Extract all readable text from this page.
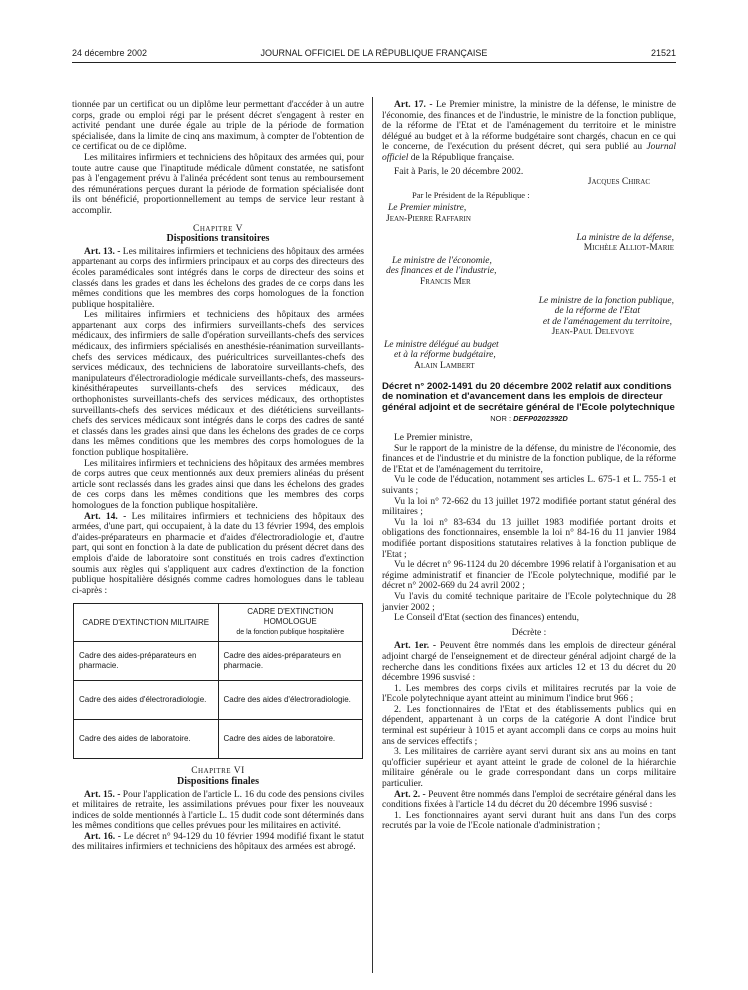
24 décembre 2002	JOURNAL OFFICIEL DE LA RÉPUBLIQUE FRANÇAISE	21521

tionnée par un certificat ou un diplôme leur permettant d'accéder à un autre corps, grade ou emploi régi par le présent décret s'engagent à rester en activité pendant une durée égale au triple de la période de formation spécialisée, dans la limite de cinq ans maximum, à compter de l'obtention de ce certificat ou de ce diplôme.

Les militaires infirmiers et techniciens des hôpitaux des armées qui, pour toute autre cause que l'inaptitude médicale dûment constatée, ne satisfont pas à l'engagement prévu à l'alinéa précédent sont tenus au remboursement des rémunérations perçues durant la période de formation spécialisée dont ils ont bénéficié, proportionnellement au temps de service leur restant à accomplir.

Chapitre V

Dispositions transitoires

Art. 13. - Les militaires infirmiers et techniciens des hôpitaux des armées appartenant au corps des infirmiers principaux et au corps des directeurs des écoles paramédicales sont intégrés dans le corps de directeur des soins et classés dans les grades et dans les échelons des grades de ce corps dans les mêmes conditions que les membres des corps homologues de la fonction publique hospitalière.

Les militaires infirmiers et techniciens des hôpitaux des armées appartenant aux corps des infirmiers surveillants-chefs des services médicaux, des infirmiers de salle d'opération surveillants-chefs des services médicaux, des infirmiers spécialisés en anesthésie-réanimation surveillants-chefs des services médicaux, des puéricultrices surveillantes-chefs des services médicaux, des techniciens de laboratoire surveillants-chefs, des manipulateurs d'électroradiologie médicale surveillants-chefs, des masseurs-kinésithérapeutes surveillants-chefs des services médicaux, des orthophonistes surveillants-chefs des services médicaux, des orthoptistes surveillants-chefs des services médicaux et des diététiciens surveillants-chefs des services médicaux sont intégrés dans le corps des cadres de santé et classés dans les grades ainsi que dans les échelons des grades de ce corps dans les mêmes conditions que les membres des corps homologues de la fonction publique hospitalière.

Les militaires infirmiers et techniciens des hôpitaux des armées membres de corps autres que ceux mentionnés aux deux premiers alinéas du présent article sont reclassés dans les grades ainsi que dans les échelons des grades de ces corps dans les mêmes conditions que les membres des corps homologues de la fonction publique hospitalière.

Art. 14. - Les militaires infirmiers et techniciens des hôpitaux des armées, d'une part, qui occupaient, à la date du 13 février 1994, des emplois d'aides-préparateurs en pharmacie et d'aides d'électroradiologie et, d'autre part, qui sont en fonction à la date de publication du présent décret dans des emplois d'aide de laboratoire sont constitués en trois cadres d'extinction soumis aux règles qui s'appliquent aux cadres d'extinction de la fonction publique hospitalière désignés comme cadres homologues dans le tableau ci-après :

CADRE D'EXTINCTION MILITAIRE	CADRE D'EXTINCTION HOMOLOGUE
de la fonction publique hospitalière
Cadre des aides-préparateurs en pharmacie.	Cadre des aides-préparateurs en pharmacie.
Cadre des aides d'électroradiologie.	Cadre des aides d'électroradiologie.
Cadre des aides de laboratoire.	Cadre des aides de laboratoire.

Chapitre VI

Dispositions finales

Art. 15. - Pour l'application de l'article L. 16 du code des pensions civiles et militaires de retraite, les assimilations prévues pour fixer les nouveaux indices de solde mentionnés à l'article L. 15 dudit code sont déterminés dans les mêmes conditions que celles prévues pour les militaires en activité.

Art. 16. - Le décret n° 94-129 du 10 février 1994 modifié fixant le statut des militaires infirmiers et techniciens des hôpitaux des armées est abrogé.

Art. 17. - Le Premier ministre, la ministre de la défense, le ministre de l'économie, des finances et de l'industrie, le ministre de la fonction publique, de la réforme de l'Etat et de l'aménagement du territoire et le ministre délégué au budget et à la réforme budgétaire sont chargés, chacun en ce qui le concerne, de l'exécution du présent décret, qui sera publié au Journal officiel de la République française.

Fait à Paris, le 20 décembre 2002.

Jacques Chirac

Par le Président de la République :

Le Premier ministre,

Jean-Pierre Raffarin

La ministre de la défense,

Michèle Alliot-Marie

Le ministre de l'économie,

des finances et de l'industrie,

Francis Mer

Le ministre de la fonction publique,

de la réforme de l'Etat

et de l'aménagement du territoire,

Jean-Paul Delevoye

Le ministre délégué au budget

et à la réforme budgétaire,

Alain Lambert

Décret n° 2002-1491 du 20 décembre 2002 relatif aux conditions de nomination et d'avancement dans les emplois de directeur général adjoint et de secrétaire général de l'Ecole polytechnique

NOR : DEFP0202392D

Le Premier ministre,

Sur le rapport de la ministre de la défense, du ministre de l'économie, des finances et de l'industrie et du ministre de la fonction publique, de la réforme de l'Etat et de l'aménagement du territoire,

Vu le code de l'éducation, notamment ses articles L. 675-1 et L. 755-1 et suivants ;

Vu la loi n° 72-662 du 13 juillet 1972 modifiée portant statut général des militaires ;

Vu la loi n° 83-634 du 13 juillet 1983 modifiée portant droits et obligations des fonctionnaires, ensemble la loi n° 84-16 du 11 janvier 1984 modifiée portant dispositions statutaires relatives à la fonction publique de l'Etat ;

Vu le décret n° 96-1124 du 20 décembre 1996 relatif à l'organisation et au régime administratif et financier de l'Ecole polytechnique, modifié par le décret n° 2002-669 du 24 avril 2002 ;

Vu l'avis du comité technique paritaire de l'Ecole polytechnique du 28 janvier 2002 ;

Le Conseil d'Etat (section des finances) entendu,

Décrète :

Art. 1er. - Peuvent être nommés dans les emplois de directeur général adjoint chargé de l'enseignement et de directeur général adjoint chargé de la recherche dans les conditions fixées aux articles 12 et 13 du décret du 20 décembre 1996 susvisé :

1. Les membres des corps civils et militaires recrutés par la voie de l'Ecole polytechnique ayant atteint au minimum l'indice brut 966 ;

2. Les fonctionnaires de l'Etat et des établissements publics qui en dépendent, appartenant à un corps de la catégorie A dont l'indice brut terminal est supérieur à 1015 et ayant accompli dans ce corps au moins huit ans de services effectifs ;

3. Les militaires de carrière ayant servi durant six ans au moins en tant qu'officier supérieur et ayant atteint le grade de colonel de la hiérarchie militaire générale ou le grade correspondant dans un corps militaire particulier.

Art. 2. - Peuvent être nommés dans l'emploi de secrétaire général dans les conditions fixées à l'article 14 du décret du 20 décembre 1996 susvisé :

1. Les fonctionnaires ayant servi durant huit ans dans l'un des corps recrutés par la voie de l'Ecole nationale d'administration ;
